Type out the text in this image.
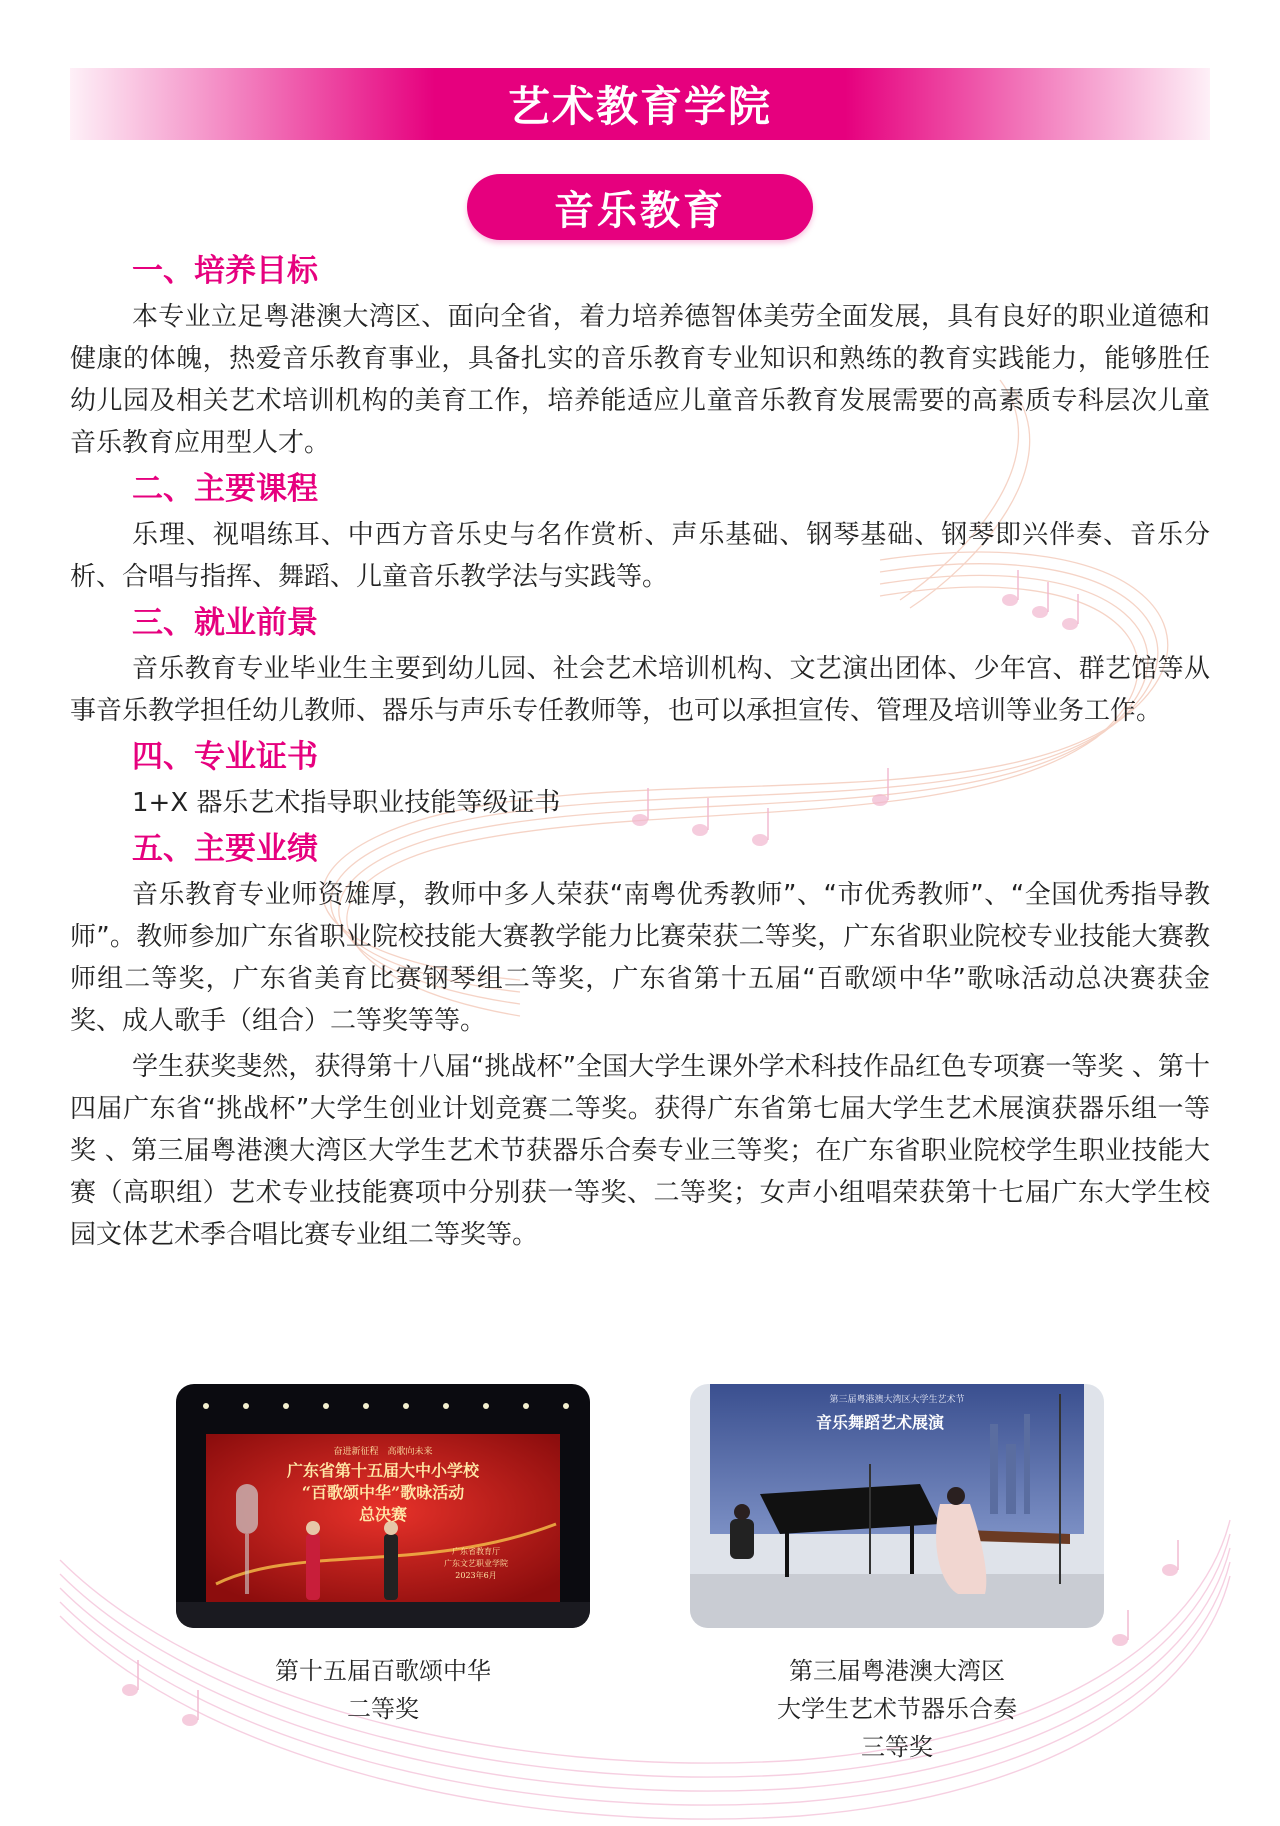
艺术教育学院
音乐教育
一、培养目标

本专业立足粤港澳大湾区、面向全省，着力培养德智体美劳全面发展，具有良好的职业道德和健康的体魄，热爱音乐教育事业，具备扎实的音乐教育专业知识和熟练的教育实践能力，能够胜任幼儿园及相关艺术培训机构的美育工作，培养能适应儿童音乐教育发展需要的高素质专科层次儿童音乐教育应用型人才。

二、主要课程

乐理、视唱练耳、中西方音乐史与名作赏析、声乐基础、钢琴基础、钢琴即兴伴奏、音乐分析、合唱与指挥、舞蹈、儿童音乐教学法与实践等。

三、就业前景

音乐教育专业毕业生主要到幼儿园、社会艺术培训机构、文艺演出团体、少年宫、群艺馆等从事音乐教学担任幼儿教师、器乐与声乐专任教师等，也可以承担宣传、管理及培训等业务工作。

四、专业证书

1+X 器乐艺术指导职业技能等级证书

五、主要业绩

音乐教育专业师资雄厚，教师中多人荣获“南粤优秀教师”、“市优秀教师”、“全国优秀指导教师”。教师参加广东省职业院校技能大赛教学能力比赛荣获二等奖，广东省职业院校专业技能大赛教师组二等奖，广东省美育比赛钢琴组二等奖，广东省第十五届“百歌颂中华”歌咏活动总决赛获金奖、成人歌手（组合）二等奖等等。

学生获奖斐然，获得第十八届“挑战杯”全国大学生课外学术科技作品红色专项赛一等奖 、第十四届广东省“挑战杯”大学生创业计划竞赛二等奖。获得广东省第七届大学生艺术展演获器乐组一等奖 、第三届粤港澳大湾区大学生艺术节获器乐合奏专业三等奖；在广东省职业院校学生职业技能大赛（高职组）艺术专业技能赛项中分别获一等奖、二等奖；女声小组唱荣获第十七届广东大学生校园文体艺术季合唱比赛专业组二等奖等。

奋进新征程　高歌向未来
广东省第十五届大中小学校
“百歌颂中华”歌咏活动
总决赛
广东省教育厅
广东文艺职业学院
2023年6月
第十五届百歌颂中华
二等奖
第三届粤港澳大湾区大学生艺术节
音乐舞蹈艺术展演
第三届粤港澳大湾区
大学生艺术节器乐合奏
三等奖
